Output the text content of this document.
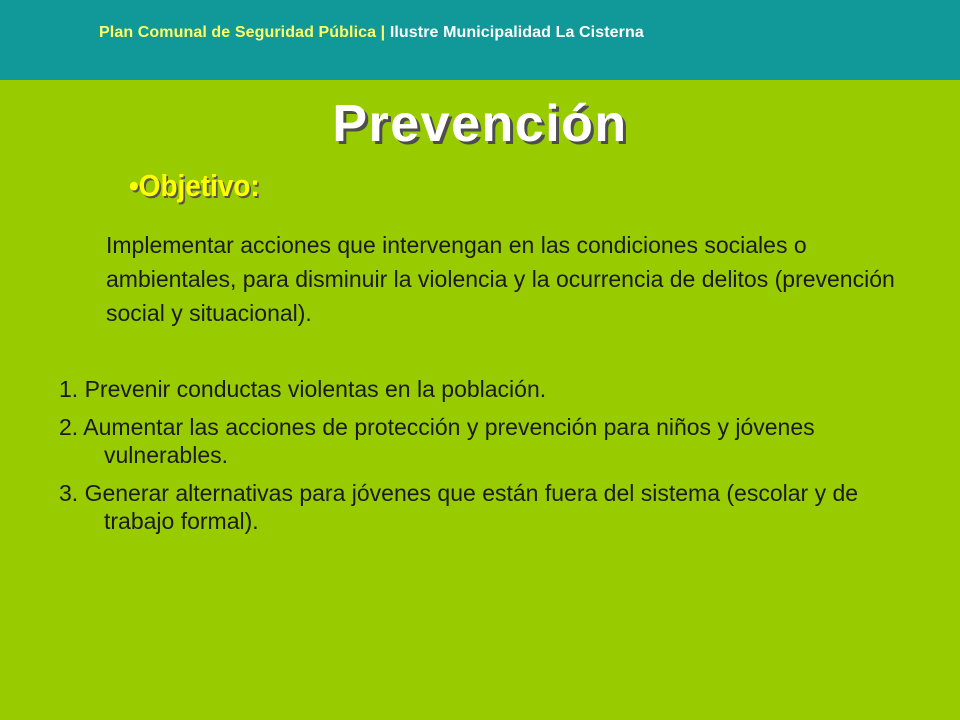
Plan Comunal de Seguridad Pública | Ilustre Municipalidad La Cisterna
Prevención
•Objetivo:
Implementar acciones que intervengan en las condiciones sociales o ambientales, para disminuir la violencia y la ocurrencia de delitos (prevención social y situacional).
1. Prevenir conductas violentas en la población.
2. Aumentar las acciones de protección y prevención para niños y jóvenes vulnerables.
3. Generar alternativas para jóvenes que están fuera del sistema (escolar y de trabajo formal).
